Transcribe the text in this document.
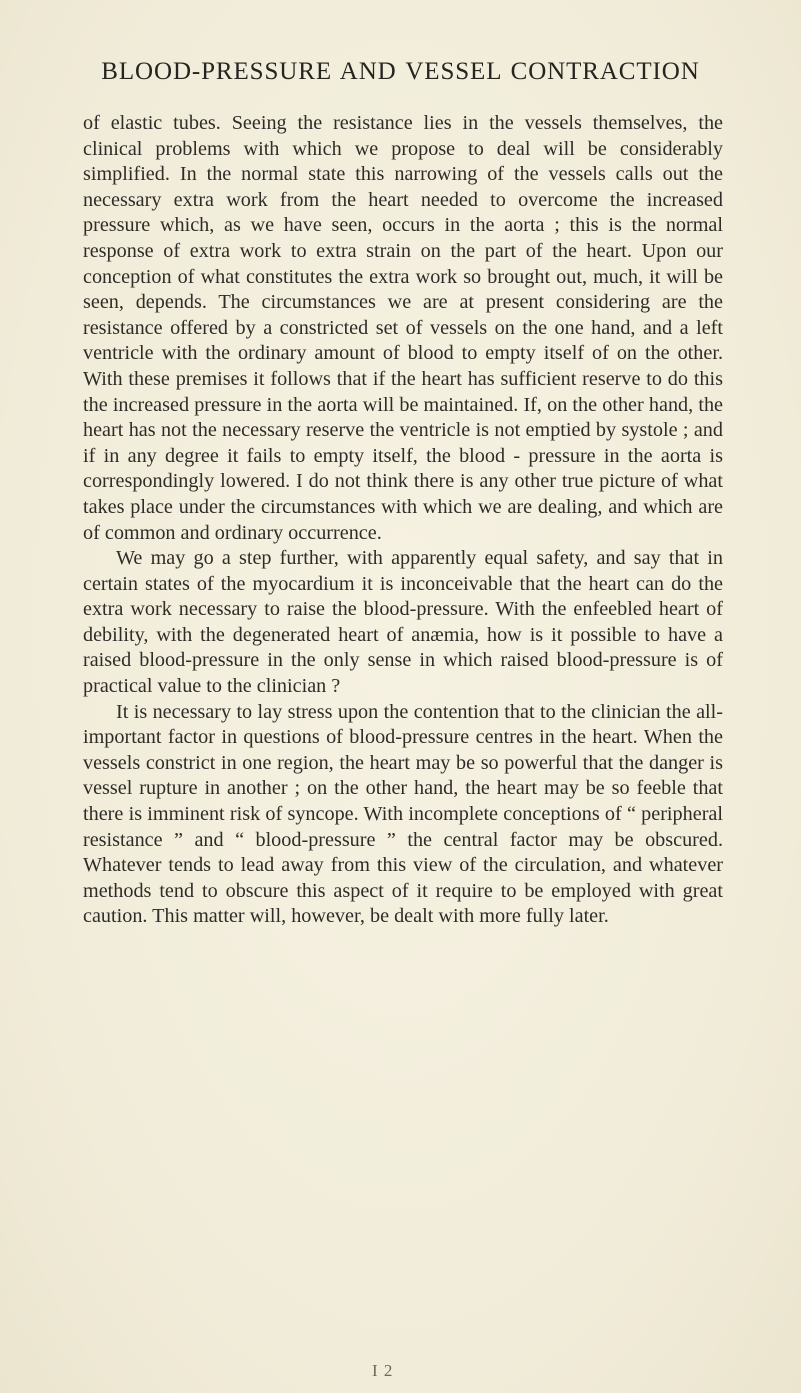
BLOOD-PRESSURE AND VESSEL CONTRACTION

of elastic tubes. Seeing the resistance lies in the vessels themselves, the clinical problems with which we propose to deal will be considerably simplified. In the normal state this narrowing of the vessels calls out the necessary extra work from the heart needed to overcome the increased pressure which, as we have seen, occurs in the aorta ; this is the normal response of extra work to extra strain on the part of the heart. Upon our conception of what constitutes the extra work so brought out, much, it will be seen, depends. The circumstances we are at present considering are the resistance offered by a constricted set of vessels on the one hand, and a left ventricle with the ordinary amount of blood to empty itself of on the other. With these premises it follows that if the heart has sufficient reserve to do this the increased pressure in the aorta will be maintained. If, on the other hand, the heart has not the necessary reserve the ventricle is not emptied by systole ; and if in any degree it fails to empty itself, the blood - pressure in the aorta is correspondingly lowered. I do not think there is any other true picture of what takes place under the circumstances with which we are dealing, and which are of common and ordinary occurrence.

We may go a step further, with apparently equal safety, and say that in certain states of the myocardium it is inconceivable that the heart can do the extra work necessary to raise the blood-pressure. With the enfeebled heart of debility, with the degenerated heart of anæmia, how is it possible to have a raised blood-pressure in the only sense in which raised blood-pressure is of practical value to the clinician ?

It is necessary to lay stress upon the contention that to the clinician the all-important factor in questions of blood-pressure centres in the heart. When the vessels constrict in one region, the heart may be so powerful that the danger is vessel rupture in another ; on the other hand, the heart may be so feeble that there is imminent risk of syncope. With incomplete conceptions of “ peripheral resistance ” and “ blood-pressure ” the central factor may be obscured. Whatever tends to lead away from this view of the circulation, and whatever methods tend to obscure this aspect of it require to be employed with great caution. This matter will, however, be dealt with more fully later.

I 2
